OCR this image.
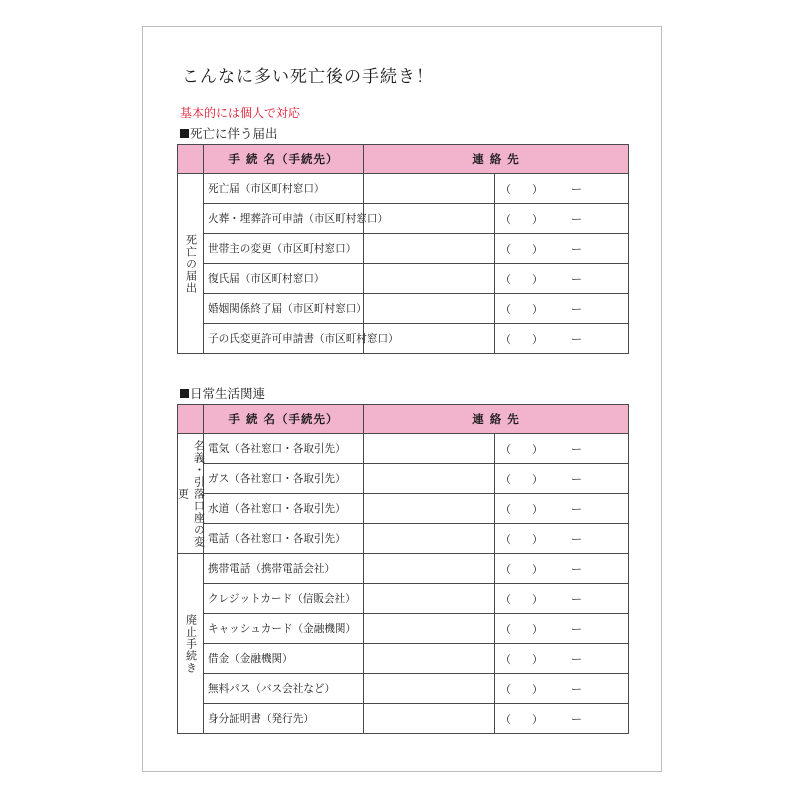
こんなに多い死亡後の手続き！
基本的には個人で対応
死亡に伴う届出
	手 続 名（手続先）	連 絡 先	
死亡の届出	死亡届（市区町村窓口）		（ ） ー

	火葬・埋葬許可申請（市区町村窓口）		（ ） ー

	世帯主の変更（市区町村窓口）		（ ） ー

	復氏届（市区町村窓口）		（ ） ー

	婚姻関係終了届（市区町村窓口）		（ ） ー

	子の氏変更許可申請書（市区町村窓口）		（ ） ー
日常生活関連
	手 続 名（手続先）	連 絡 先	
名義・引落口座の変更	電気（各社窓口・各取引先）		（ ） ー

	ガス（各社窓口・各取引先）		（ ） ー

	水道（各社窓口・各取引先）		（ ） ー

	電話（各社窓口・各取引先）		（ ） ー

廃止手続き	携帯電話（携帯電話会社）		（ ） ー

	クレジットカード（信販会社）		（ ） ー

	キャッシュカード（金融機関）		（ ） ー

	借金（金融機関）		（ ） ー

	無料パス（バス会社など）		（ ） ー

	身分証明書（発行先）		（ ） ー
